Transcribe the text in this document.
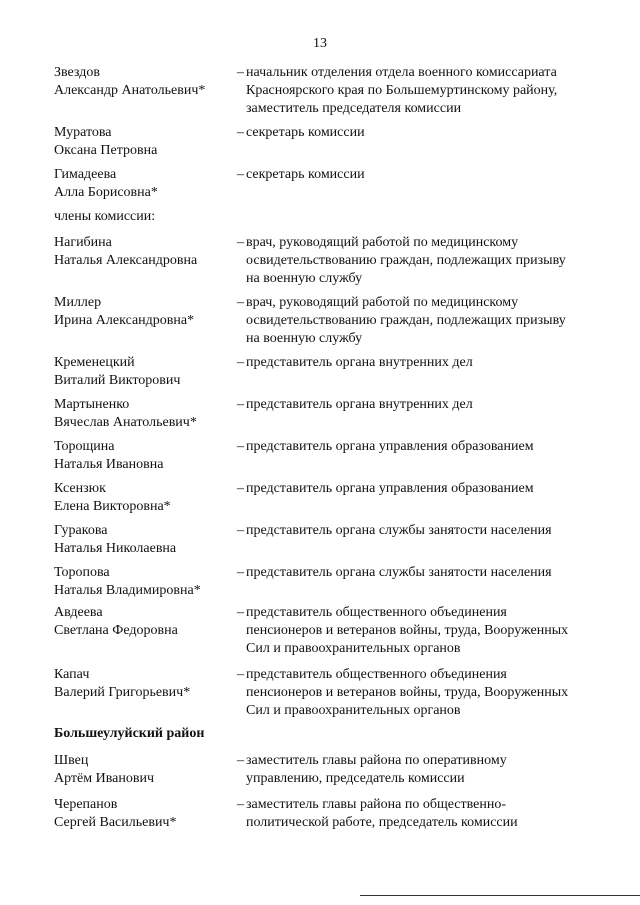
13
Звездов
Александр Анатольевич*
– начальник отделения отдела военного комиссариата
Красноярского края по Большемуртинскому району,
заместитель председателя комиссии
Муратова
Оксана Петровна
– секретарь комиссии
Гимадеева
Алла Борисовна*
– секретарь комиссии
Нагибина
Наталья Александровна
– врач, руководящий работой по медицинскому
освидетельствованию граждан, подлежащих призыву
на военную службу
Миллер
Ирина Александровна*
– врач, руководящий работой по медицинскому
освидетельствованию граждан, подлежащих призыву
на военную службу
Кременецкий
Виталий Викторович
– представитель органа внутренних дел
Мартыненко
Вячеслав Анатольевич*
– представитель органа внутренних дел
Торощина
Наталья Ивановна
– представитель органа управления образованием
Ксензюк
Елена Викторовна*
– представитель органа управления образованием
Гуракова
Наталья Николаевна
– представитель органа службы занятости населения
Торопова
Наталья Владимировна*
– представитель органа службы занятости населения
Авдеева
Светлана Федоровна
– представитель общественного объединения
пенсионеров и ветеранов войны, труда, Вооруженных
Сил и правоохранительных органов
Капач
Валерий Григорьевич*
– представитель общественного объединения
пенсионеров и ветеранов войны, труда, Вооруженных
Сил и правоохранительных органов
Швец
Артём Иванович
– заместитель главы района по оперативному
управлению, председатель комиссии
Черепанов
Сергей Васильевич*
– заместитель главы района по общественно-
политической работе, председатель комиссии
члены комиссии:
Большеулуйский район
